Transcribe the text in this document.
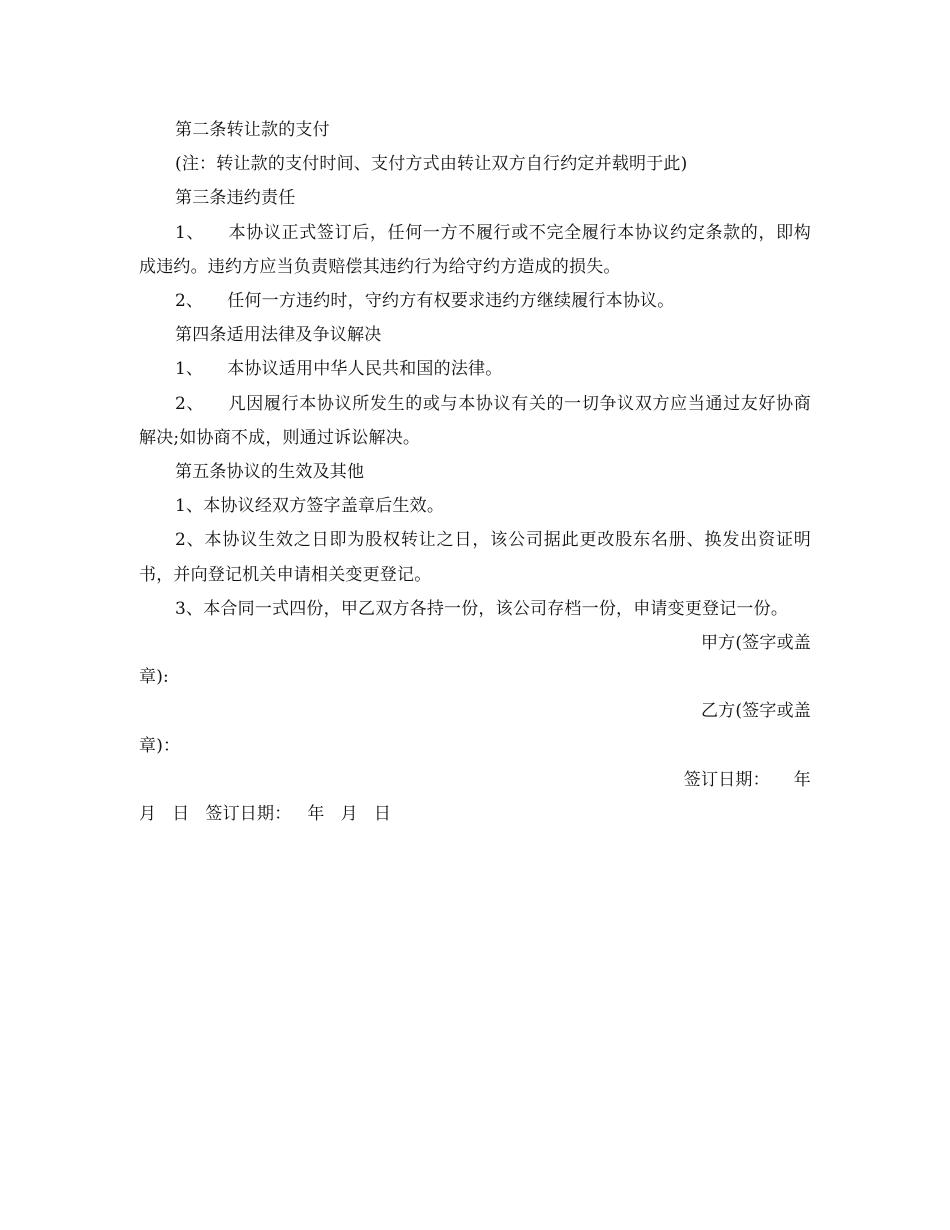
第二条转让款的支付

(注：转让款的支付时间、支付方式由转让双方自行约定并载明于此)

第三条违约责任

1、 本协议正式签订后，任何一方不履行或不完全履行本协议约定条款的，即构成违约。违约方应当负责赔偿其违约行为给守约方造成的损失。

2、 任何一方违约时，守约方有权要求违约方继续履行本协议。

第四条适用法律及争议解决

1、 本协议适用中华人民共和国的法律。

2、 凡因履行本协议所发生的或与本协议有关的一切争议双方应当通过友好协商解决;如协商不成，则通过诉讼解决。

第五条协议的生效及其他

1、本协议经双方签字盖章后生效。

2、本协议生效之日即为股权转让之日，该公司据此更改股东名册、换发出资证明书，并向登记机关申请相关变更登记。

3、本合同一式四份，甲乙双方各持一份，该公司存档一份，申请变更登记一份。

甲方(签字或盖

章):

乙方(签字或盖

章)：

签订日期： 年

月 日 签订日期： 年 月 日
